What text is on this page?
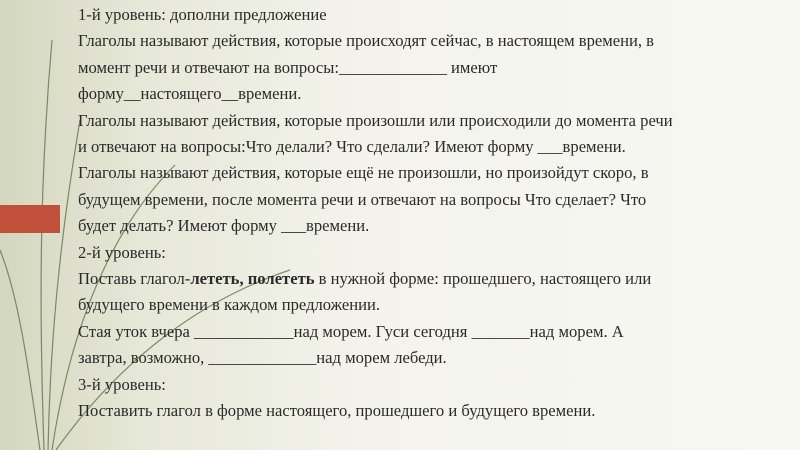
1-й уровень: дополни предложение
Глаголы называют действия, которые происходят сейчас, в настоящем времени, в
момент речи и отвечают на вопросы:_____________ имеют
форму__настоящего__времени.
Глаголы называют действия, которые произошли или происходили до момента речи
и отвечают на вопросы:Что делали? Что сделали? Имеют форму ___времени.
Глаголы называют действия, которые ещё не произошли, но произойдут скоро, в
будущем времени, после момента речи и отвечают на вопросы Что сделает? Что
будет делать? Имеют форму ___времени.
2-й уровень:
Поставь глагол-лететь, полететь в нужной форме: прошедшего, настоящего или
будущего времени в каждом предложении.
Стая уток вчера ____________над морем. Гуси сегодня _______над морем. А
завтра, возможно, _____________над морем лебеди.
3-й уровень:
Поставить глагол в форме настоящего, прошедшего и будущего времени.
